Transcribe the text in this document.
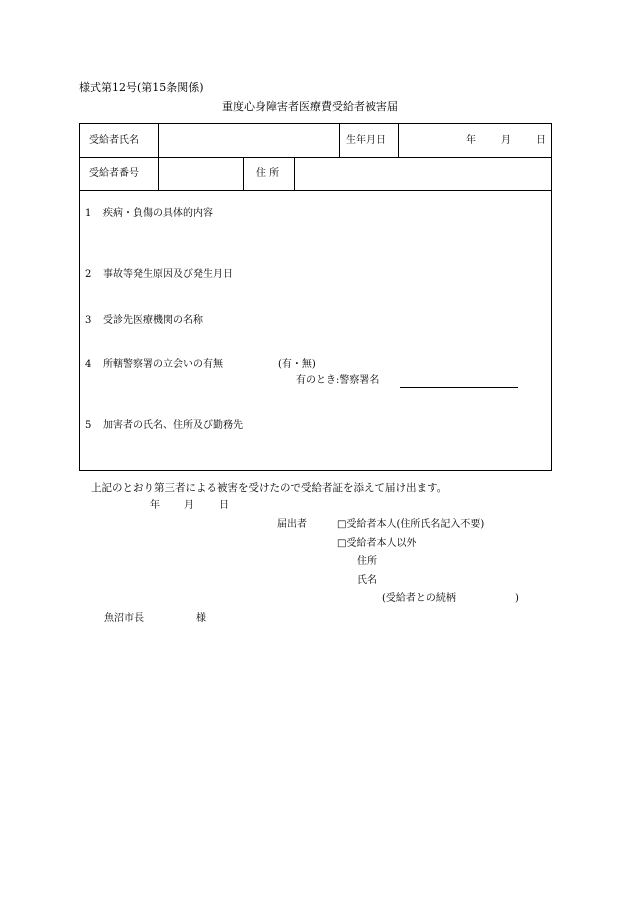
様式第12号(第15条関係)
重度心身障害者医療費受給者被害届
受給者氏名	生年月日	年	月	日
受給者番号	住 所
1 疾病・負傷の具体的内容
2 事故等発生原因及び発生月日
3 受診先医療機関の名称
4 所轄警察署の立会いの有無	(有・無)
有のとき:警察署名
5 加害者の氏名、住所及び勤務先
上記のとおり第三者による被害を受けたので受給者証を添えて届け出ます。
年 月	日
届出者	□受給者本人(住所氏名記入不要)
□受給者本人以外
住所
氏名
(受給者との続柄	)
魚沼市長	様
